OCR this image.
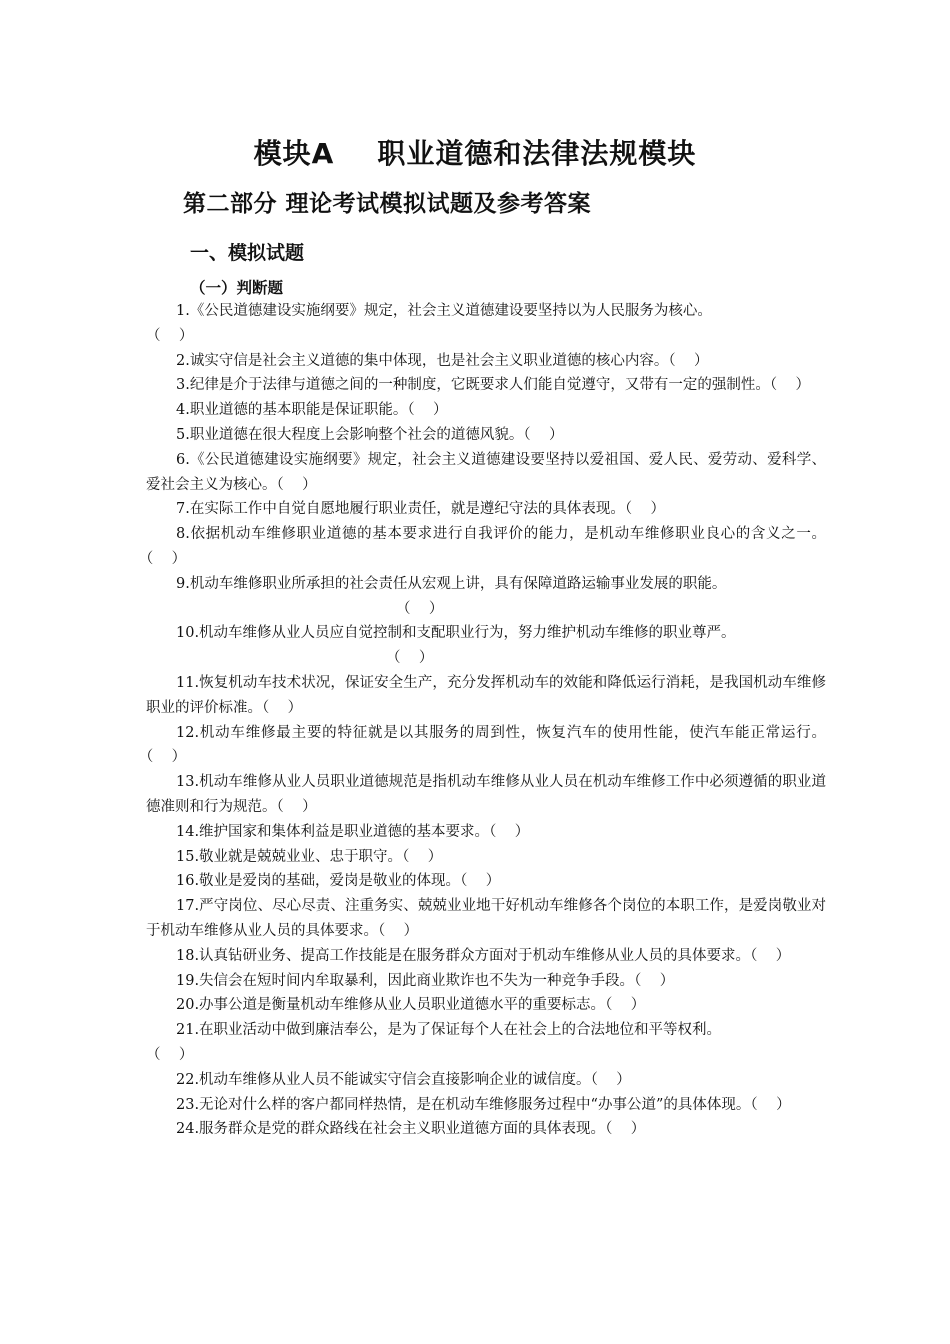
模块A    职业道德和法律法规模块
第二部分 理论考试模拟试题及参考答案
一、模拟试题
（一）判断题

1.《公民道德建设实施纲要》规定，社会主义道德建设要坚持以为人民服务为核心。
（    ）

2.诚实守信是社会主义道德的集中体现，也是社会主义职业道德的核心内容。（    ）

3.纪律是介于法律与道德之间的一种制度，它既要求人们能自觉遵守，又带有一定的强制性。（    ）

4.职业道德的基本职能是保证职能。（    ）

5.职业道德在很大程度上会影响整个社会的道德风貌。（    ）

6.《公民道德建设实施纲要》规定，社会主义道德建设要坚持以爱祖国、爱人民、爱劳动、爱科学、爱社会主义为核心。（    ）

7.在实际工作中自觉自愿地履行职业责任，就是遵纪守法的具体表现。（    ）

8.依据机动车维修职业道德的基本要求进行自我评价的能力，是机动车维修职业良心的含义之一。（    ）

9.机动车维修职业所承担的社会责任从宏观上讲，具有保障道路运输事业发展的职能。
（    ）

10.机动车维修从业人员应自觉控制和支配职业行为，努力维护机动车维修的职业尊严。
（    ）

11.恢复机动车技术状况，保证安全生产，充分发挥机动车的效能和降低运行消耗，是我国机动车维修职业的评价标准。（    ）

12.机动车维修最主要的特征就是以其服务的周到性，恢复汽车的使用性能，使汽车能正常运行。（    ）

13.机动车维修从业人员职业道德规范是指机动车维修从业人员在机动车维修工作中必须遵循的职业道德准则和行为规范。（    ）

14.维护国家和集体利益是职业道德的基本要求。（    ）

15.敬业就是兢兢业业、忠于职守。（    ）

16.敬业是爱岗的基础，爱岗是敬业的体现。（    ）

17.严守岗位、尽心尽责、注重务实、兢兢业业地干好机动车维修各个岗位的本职工作，是爱岗敬业对于机动车维修从业人员的具体要求。（    ）

18.认真钻研业务、提高工作技能是在服务群众方面对于机动车维修从业人员的具体要求。（    ）

19.失信会在短时间内牟取暴利，因此商业欺诈也不失为一种竞争手段。（    ）

20.办事公道是衡量机动车维修从业人员职业道德水平的重要标志。（    ）

21.在职业活动中做到廉洁奉公，是为了保证每个人在社会上的合法地位和平等权利。
（    ）

22.机动车维修从业人员不能诚实守信会直接影响企业的诚信度。（    ）

23.无论对什么样的客户都同样热情，是在机动车维修服务过程中“办事公道”的具体体现。（    ）

24.服务群众是党的群众路线在社会主义职业道德方面的具体表现。（    ）
